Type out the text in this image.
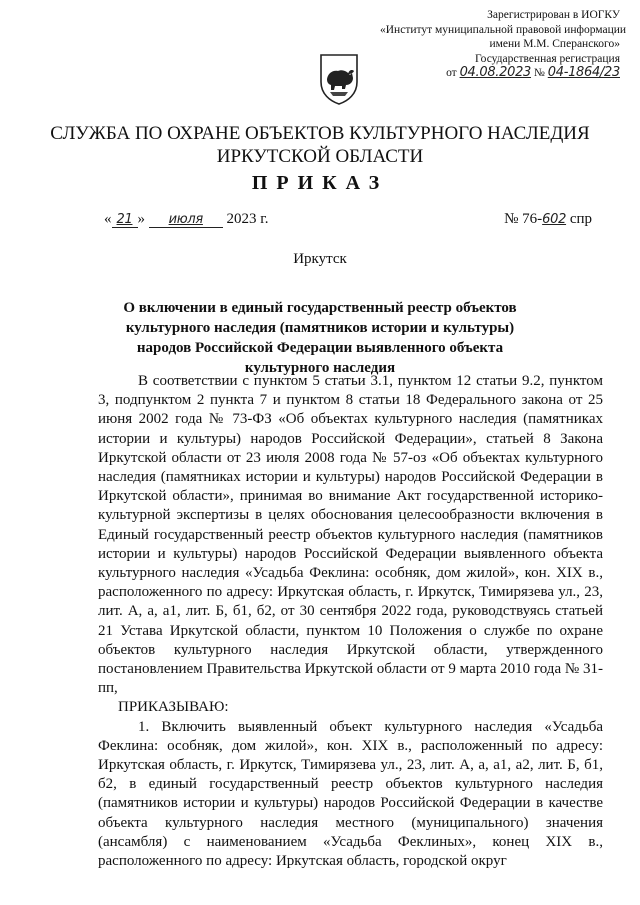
Зарегистрирован в ИОГКУ
«Институт муниципальной правовой информации
имени М.М. Сперанского»
Государственная регистрация
от 04.08.2023 № 04-1864/23
СЛУЖБА ПО ОХРАНЕ ОБЪЕКТОВ КУЛЬТУРНОГО НАСЛЕДИЯ
ИРКУТСКОЙ ОБЛАСТИ
ПРИКАЗ
« 21 » июля 2023 г.	№ 76-602 спр
Иркутск
О включении в единый государственный реестр объектов культурного наследия (памятников истории и культуры) народов Российской Федерации выявленного объекта культурного наследия

В соответствии с пунктом 5 статьи 3.1, пунктом 12 статьи 9.2, пунктом 3, подпунктом 2 пункта 7 и пунктом 8 статьи 18 Федерального закона от 25 июня 2002 года № 73-ФЗ «Об объектах культурного наследия (памятниках истории и культуры) народов Российской Федерации», статьей 8 Закона Иркутской области от 23 июля 2008 года № 57-оз «Об объектах культурного наследия (памятниках истории и культуры) народов Российской Федерации в Иркутской области», принимая во внимание Акт государственной историко-культурной экспертизы в целях обоснования целесообразности включения в Единый государственный реестр объектов культурного наследия (памятников истории и культуры) народов Российской Федерации выявленного объекта культурного наследия «Усадьба Феклина: особняк, дом жилой», кон. XIX в., расположенного по адресу: Иркутская область, г. Иркутск, Тимирязева ул., 23, лит. А, а, а1, лит. Б, б1, б2, от 30 сентября 2022 года, руководствуясь статьей 21 Устава Иркутской области, пунктом 10 Положения о службе по охране объектов культурного наследия Иркутской области, утвержденного постановлением Правительства Иркутской области от 9 марта 2010 года № 31-пп,

ПРИКАЗЫВАЮ:

1. Включить выявленный объект культурного наследия «Усадьба Феклина: особняк, дом жилой», кон. XIX в., расположенный по адресу: Иркутская область, г. Иркутск, Тимирязева ул., 23, лит. А, а, а1, а2, лит. Б, б1, б2, в единый государственный реестр объектов культурного наследия (памятников истории и культуры) народов Российской Федерации в качестве объекта культурного наследия местного (муниципального) значения (ансамбля) с наименованием «Усадьба Феклиных», конец XIX в., расположенного по адресу: Иркутская область, городской округ
